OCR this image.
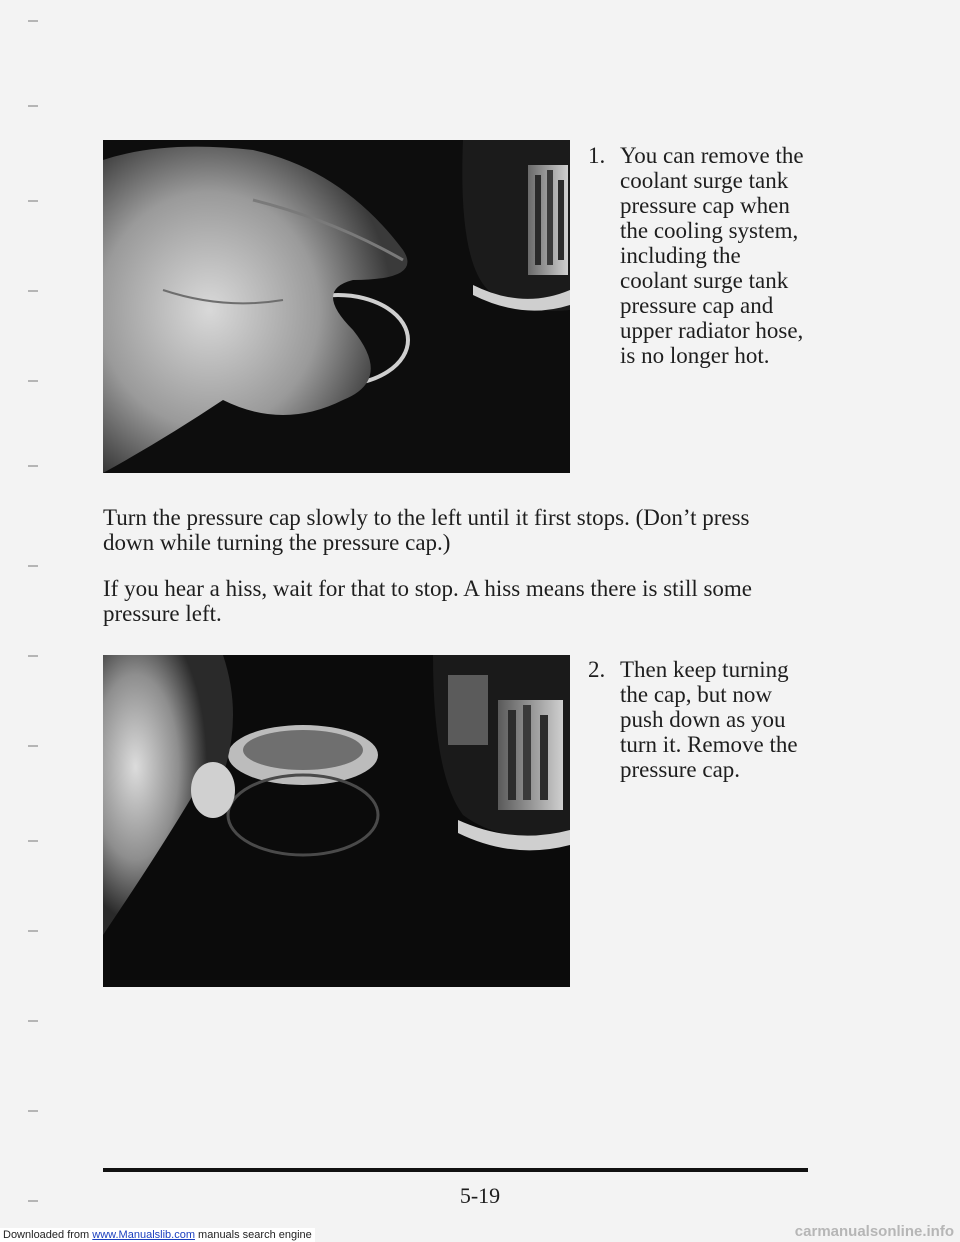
1. You can remove the coolant surge tank pressure cap when the cooling system, including the coolant surge tank pressure cap and upper radiator hose, is no longer hot.

Turn the pressure cap slowly to the left until it first stops. (Don’t press down while turning the pressure cap.)

If you hear a hiss, wait for that to stop. A hiss means there is still some pressure left.

2. Then keep turning the cap, but now push down as you turn it. Remove the pressure cap.
5-19
Downloaded from www.Manualslib.com manuals search engine	carmanualsonline.info
